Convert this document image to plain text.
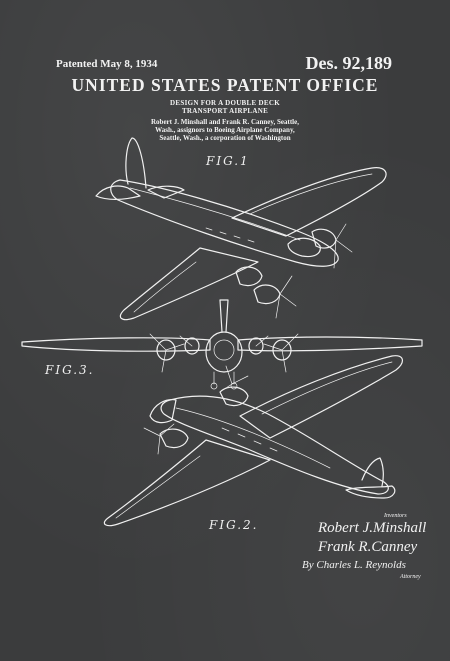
Patented May 8, 1934	Des. 92,189
UNITED STATES PATENT OFFICE
DESIGN FOR A DOUBLE DECK
TRANSPORT AIRPLANE
Robert J. Minshall and Frank R. Canney, Seattle,
Wash., assignors to Boeing Airplane Company,
Seattle, Wash., a corporation of Washington
FIG.1
FIG.3.
FIG.2.
Inventors
Robert J.Minshall
Frank R.Canney
By Charles L. Reynolds
Attorney
